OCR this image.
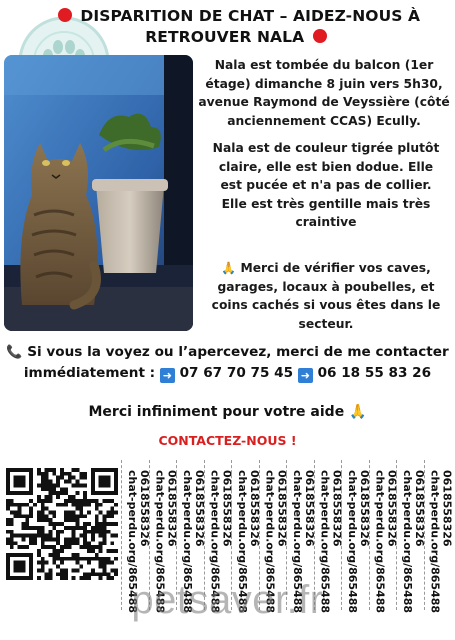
DISPARITION DE CHAT – AIDEZ-NOUS À
RETROUVER NALA
Nala est tombée du balcon (1er étage) dimanche 8 juin vers 5h30, avenue Raymond de Veyssière (côté anciennement CCAS) Ecully.
Nala est de couleur tigrée plutôt claire, elle est bien dodue. Elle est pucée et n'a pas de collier.
Elle est très gentille mais très craintive
🙏 Merci de vérifier vos caves, garages, locaux à poubelles, et coins cachés si vous êtes dans le secteur.
📞 Si vous la voyez ou l’apercevez, merci de me contacter
immédiatement : ➜ 07 67 70 75 45 ➜ 06 18 55 83 26
Merci infiniment pour votre aide 🙏
CONTACTEZ-NOUS !
0618558326
chat-perdu.org/865488 0618558326
chat-perdu.org/865488 0618558326
chat-perdu.org/865488 0618558326
chat-perdu.org/865488 0618558326
chat-perdu.org/865488 0618558326
chat-perdu.org/865488 0618558326
chat-perdu.org/865488 0618558326
chat-perdu.org/865488 0618558326
chat-perdu.org/865488 0618558326
chat-perdu.org/865488 0618558326
chat-perdu.org/865488 0618558326
chat-perdu.org/865488
petsaver.fr
